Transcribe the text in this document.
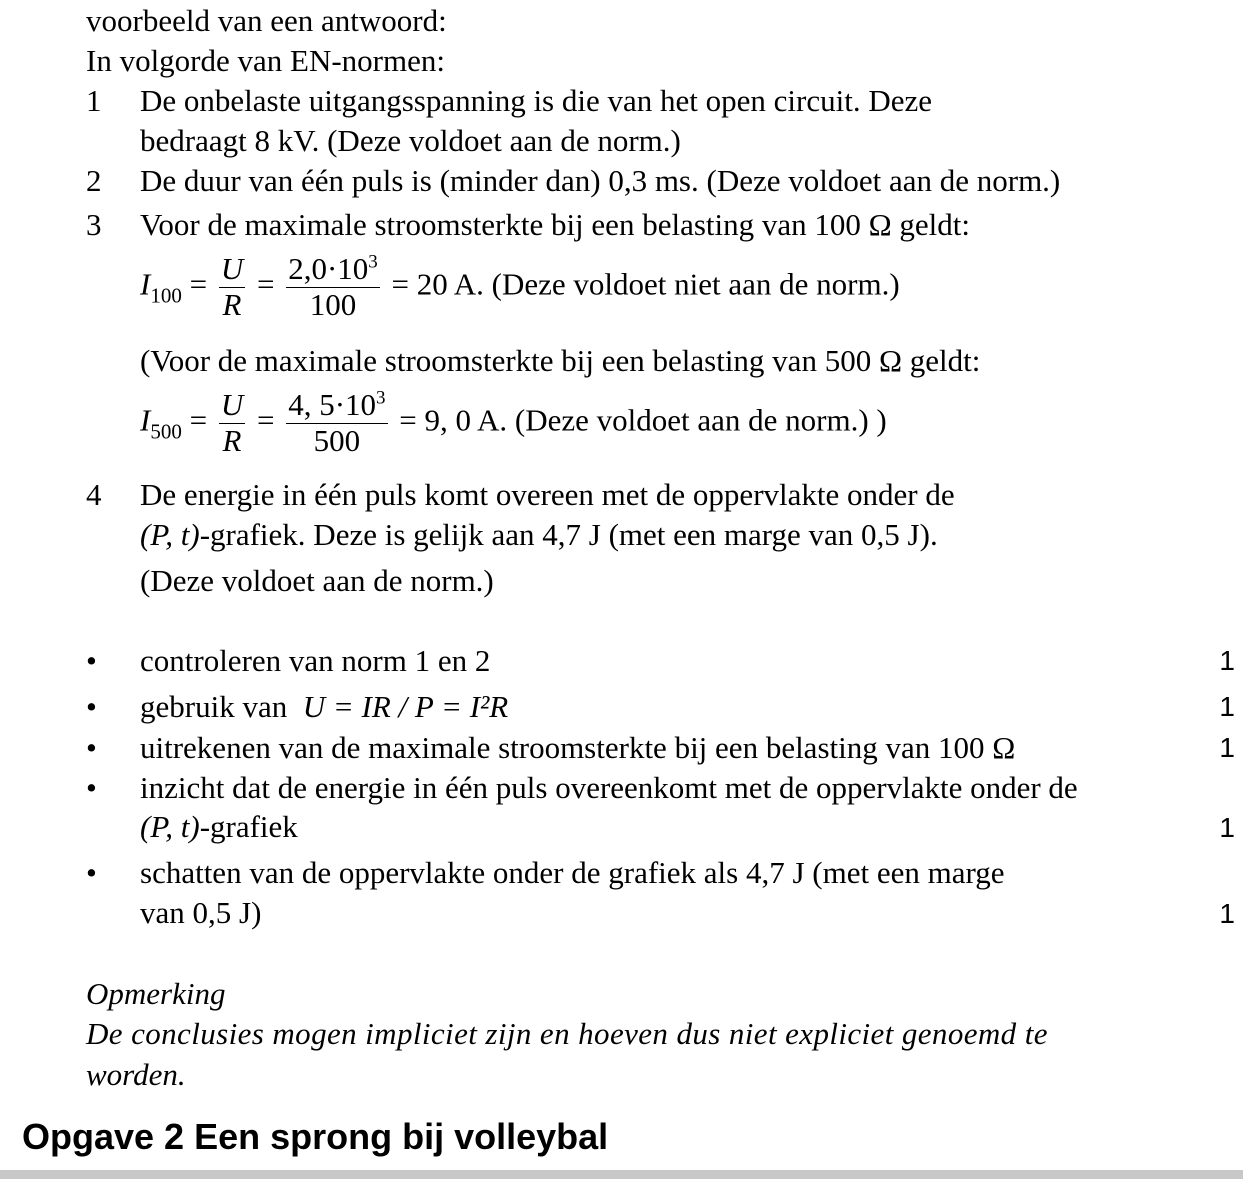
voorbeeld van een antwoord:
In volgorde van EN-normen:
1 De onbelaste uitgangsspanning is die van het open circuit. Deze
bedraagt 8 kV. (Deze voldoet aan de norm.)
2 De duur van één puls is (minder dan) 0,3 ms. (Deze voldoet aan de norm.)
3 Voor de maximale stroomsterkte bij een belasting van 100 Ω geldt:
$I_{100} = \frac{U}{R} = \frac{2,0\cdot 10^3}{100} = 20$ A. (Deze voldoet niet aan de norm.)
(Voor de maximale stroomsterkte bij een belasting van 500 Ω geldt:
$I_{500} = \frac{U}{R} = \frac{4, 5\cdot 10^3}{500} = 9$, 0 A. (Deze voldoet aan de norm.) )
4 De energie in één puls komt overeen met de oppervlakte onder de
(P, t)-grafiek. Deze is gelijk aan 4,7 J (met een marge van 0,5 J).
(Deze voldoet aan de norm.)
• controleren van norm 1 en 2	1
• gebruik van U = IR / P = I²R	1
• uitrekenen van de maximale stroomsterkte bij een belasting van 100 Ω	1
• inzicht dat de energie in één puls overeenkomt met de oppervlakte onder de
(P, t)-grafiek	1
• schatten van de oppervlakte onder de grafiek als 4,7 J (met een marge
van 0,5 J)	1
Opmerking
De conclusies mogen impliciet zijn en hoeven dus niet expliciet genoemd te
worden.
Opgave 2 Een sprong bij volleybal
